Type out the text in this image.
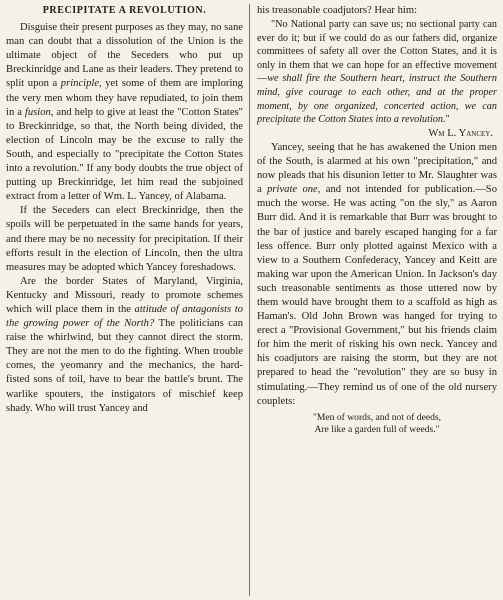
PRECIPITATE A REVOLUTION.

Disguise their present purposes as they may, no sane man can doubt that a dissolution of the Union is the ultimate object of the Seceders who put up Breckinridge and Lane as their leaders. They pretend to split upon a principle, yet some of them are imploring the very men whom they have repudiated, to join them in a fusion, and help to give at least the "Cotton States" to Breckinridge, so that, the North being divided, the election of Lincoln may be the excuse to rally the South, and especially to "precipitate the Cotton States into a revolution." If any body doubts the true object of putting up Breckinridge, let him read the subjoined extract from a letter of Wm. L. Yancey, of Alabama.

If the Seceders can elect Breckinridge, then the spoils will be perpetuated in the same hands for years, and there may be no necessity for precipitation. If their efforts result in the election of Lincoln, then the ultra measures may be adopted which Yancey foreshadows.

Are the border States of Maryland, Virginia, Kentucky and Missouri, ready to promote schemes which will place them in the attitude of antagonists to the growing power of the North? The politicians can raise the whirlwind, but they cannot direct the storm. They are not the men to do the fighting. When trouble comes, the yeomanry and the mechanics, the hard-fisted sons of toil, have to bear the battle's brunt. The warlike spouters, the instigators of mischief keep shady. Who will trust Yancey and

his treasonable coadjutors? Hear him:

"No National party can save us; no sectional party can ever do it; but if we could do as our fathers did, organize committees of safety all over the Cotton States, and it is only in them that we can hope for an effective movement—we shall fire the Southern heart, instruct the Southern mind, give courage to each other, and at the proper moment, by one organized, concerted action, we can precipitate the Cotton States into a revolution."

Wm L. Yancey.

Yancey, seeing that he has awakened the Union men of the South, is alarmed at his own "precipitation," and now pleads that his disunion letter to Mr. Slaughter was a private one, and not intended for publication.—So much the worse. He was acting "on the sly," as Aaron Burr did. And it is remarkable that Burr was brought to the bar of justice and barely escaped hanging for a far less offence. Burr only plotted against Mexico with a view to a Southern Confederacy, Yancey and Keitt are making war upon the American Union. In Jackson's day such treasonable sentiments as those uttered now by them would have brought them to a scaffold as high as Haman's. Old John Brown was hanged for trying to erect a "Provisional Government," but his friends claim for him the merit of risking his own neck. Yancey and his coadjutors are raising the storm, but they are not prepared to head the "revolution" they are so busy in stimulating.—They remind us of one of the old nursery couplets:

"Men of words, and not of deeds,
Are like a garden full of weeds."
